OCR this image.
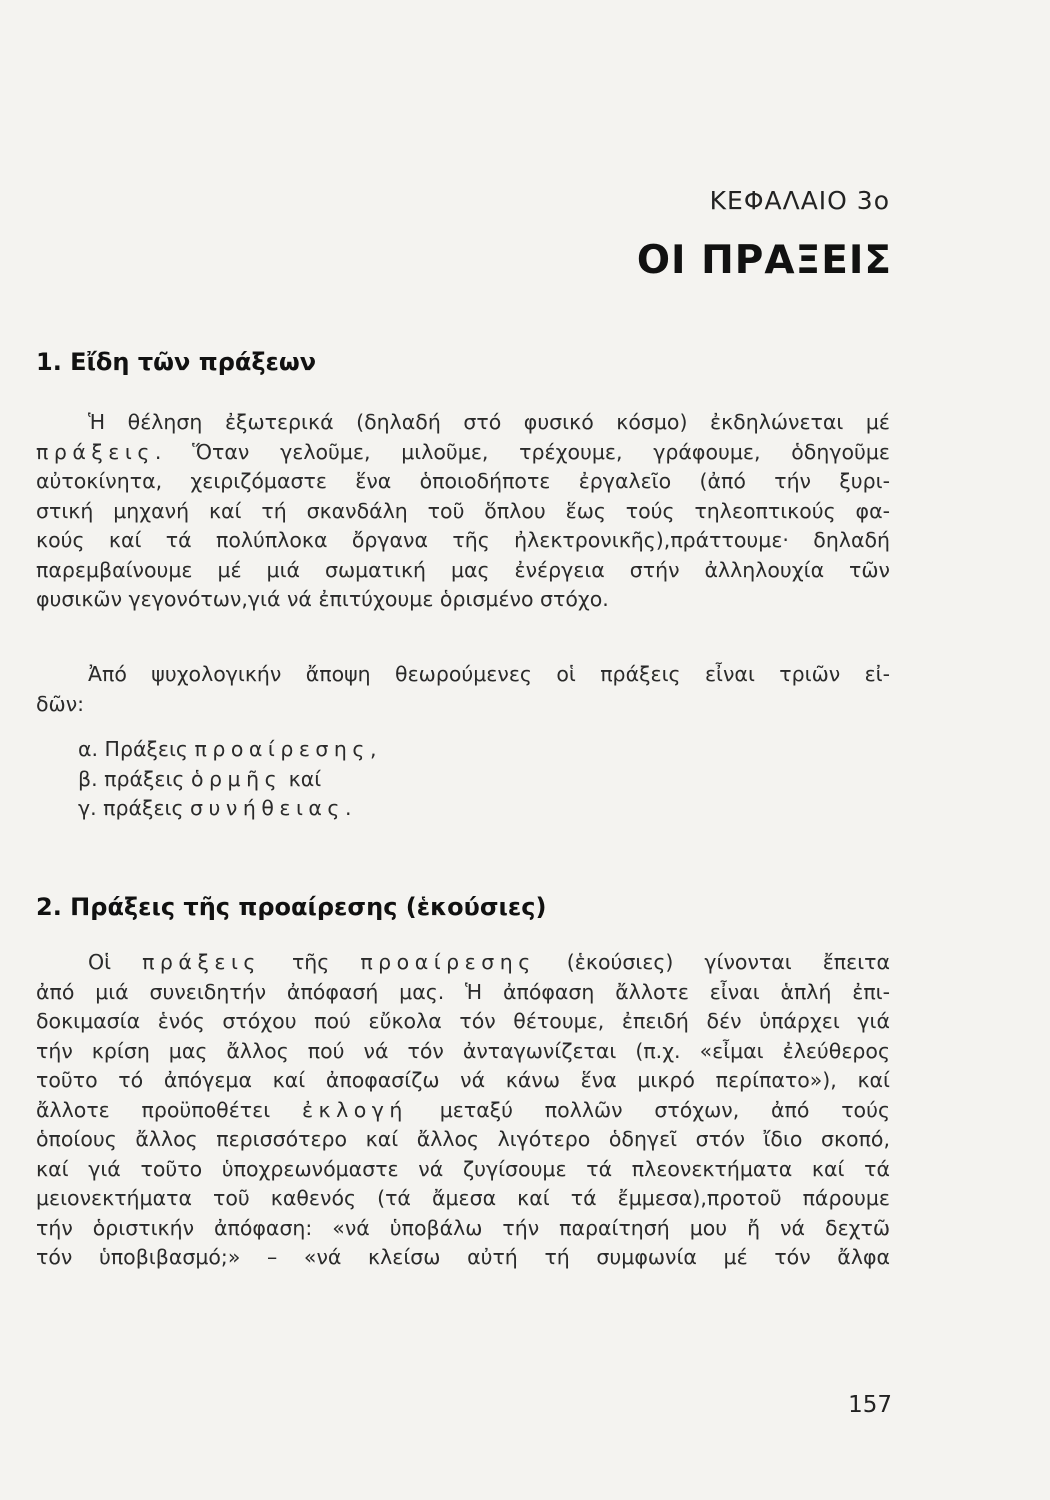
ΚΕΦΑΛΑΙΟ 3ο
ΟΙ ΠΡΑΞΕΙΣ
1. Εἴδη τῶν πράξεων
Ἡ θέληση ἐξωτερικά (δηλαδή στό φυσικό κόσμο) ἐκδηλώνεται μέ
πράξεις. Ὅταν γελοῦμε, μιλοῦμε, τρέχουμε, γράφουμε, ὁδηγοῦμε
αὐτοκίνητα, χειριζόμαστε ἕνα ὁποιοδήποτε ἐργαλεῖο (ἀπό τήν ξυρι-
στική μηχανή καί τή σκανδάλη τοῦ ὅπλου ἕως τούς τηλεοπτικούς φα-
κούς καί τά πολύπλοκα ὄργανα τῆς ἠλεκτρονικῆς),πράττουμε· δηλαδή
παρεμβαίνουμε μέ μιά σωματική μας ἐνέργεια στήν ἀλληλουχία τῶν
φυσικῶν γεγονότων,γιά νά ἐπιτύχουμε ὁρισμένο στόχο.
Ἀπό ψυχολογικήν ἄποψη θεωρούμενες οἱ πράξεις εἶναι τριῶν εἰ-
δῶν:
α. Πράξεις προαίρεσης,
β. πράξεις ὁρμῆς καί
γ. πράξεις συνήθειας.
2. Πράξεις τῆς προαίρεσης (ἑκούσιες)
Οἱ πράξεις τῆς προαίρεσης (ἑκούσιες) γίνονται ἔπειτα
ἀπό μιά συνειδητήν ἀπόφασή μας. Ἡ ἀπόφαση ἄλλοτε εἶναι ἁπλή ἐπι-
δοκιμασία ἑνός στόχου πού εὔκολα τόν θέτουμε, ἐπειδή δέν ὑπάρχει γιά
τήν κρίση μας ἄλλος πού νά τόν ἀνταγωνίζεται (π.χ. «εἶμαι ἐλεύθερος
τοῦτο τό ἀπόγεμα καί ἀποφασίζω νά κάνω ἕνα μικρό περίπατο»), καί
ἄλλοτε προϋποθέτει ἐκλογή μεταξύ πολλῶν στόχων, ἀπό τούς
ὁποίους ἄλλος περισσότερο καί ἄλλος λιγότερο ὁδηγεῖ στόν ἴδιο σκοπό,
καί γιά τοῦτο ὑποχρεωνόμαστε νά ζυγίσουμε τά πλεονεκτήματα καί τά
μειονεκτήματα τοῦ καθενός (τά ἄμεσα καί τά ἔμμεσα),προτοῦ πάρουμε
τήν ὁριστικήν ἀπόφαση: «νά ὑποβάλω τήν παραίτησή μου ἤ νά δεχτῶ
τόν ὑποβιβασμό;» – «νά κλείσω αὐτή τή συμφωνία μέ τόν ἄλφα
157
